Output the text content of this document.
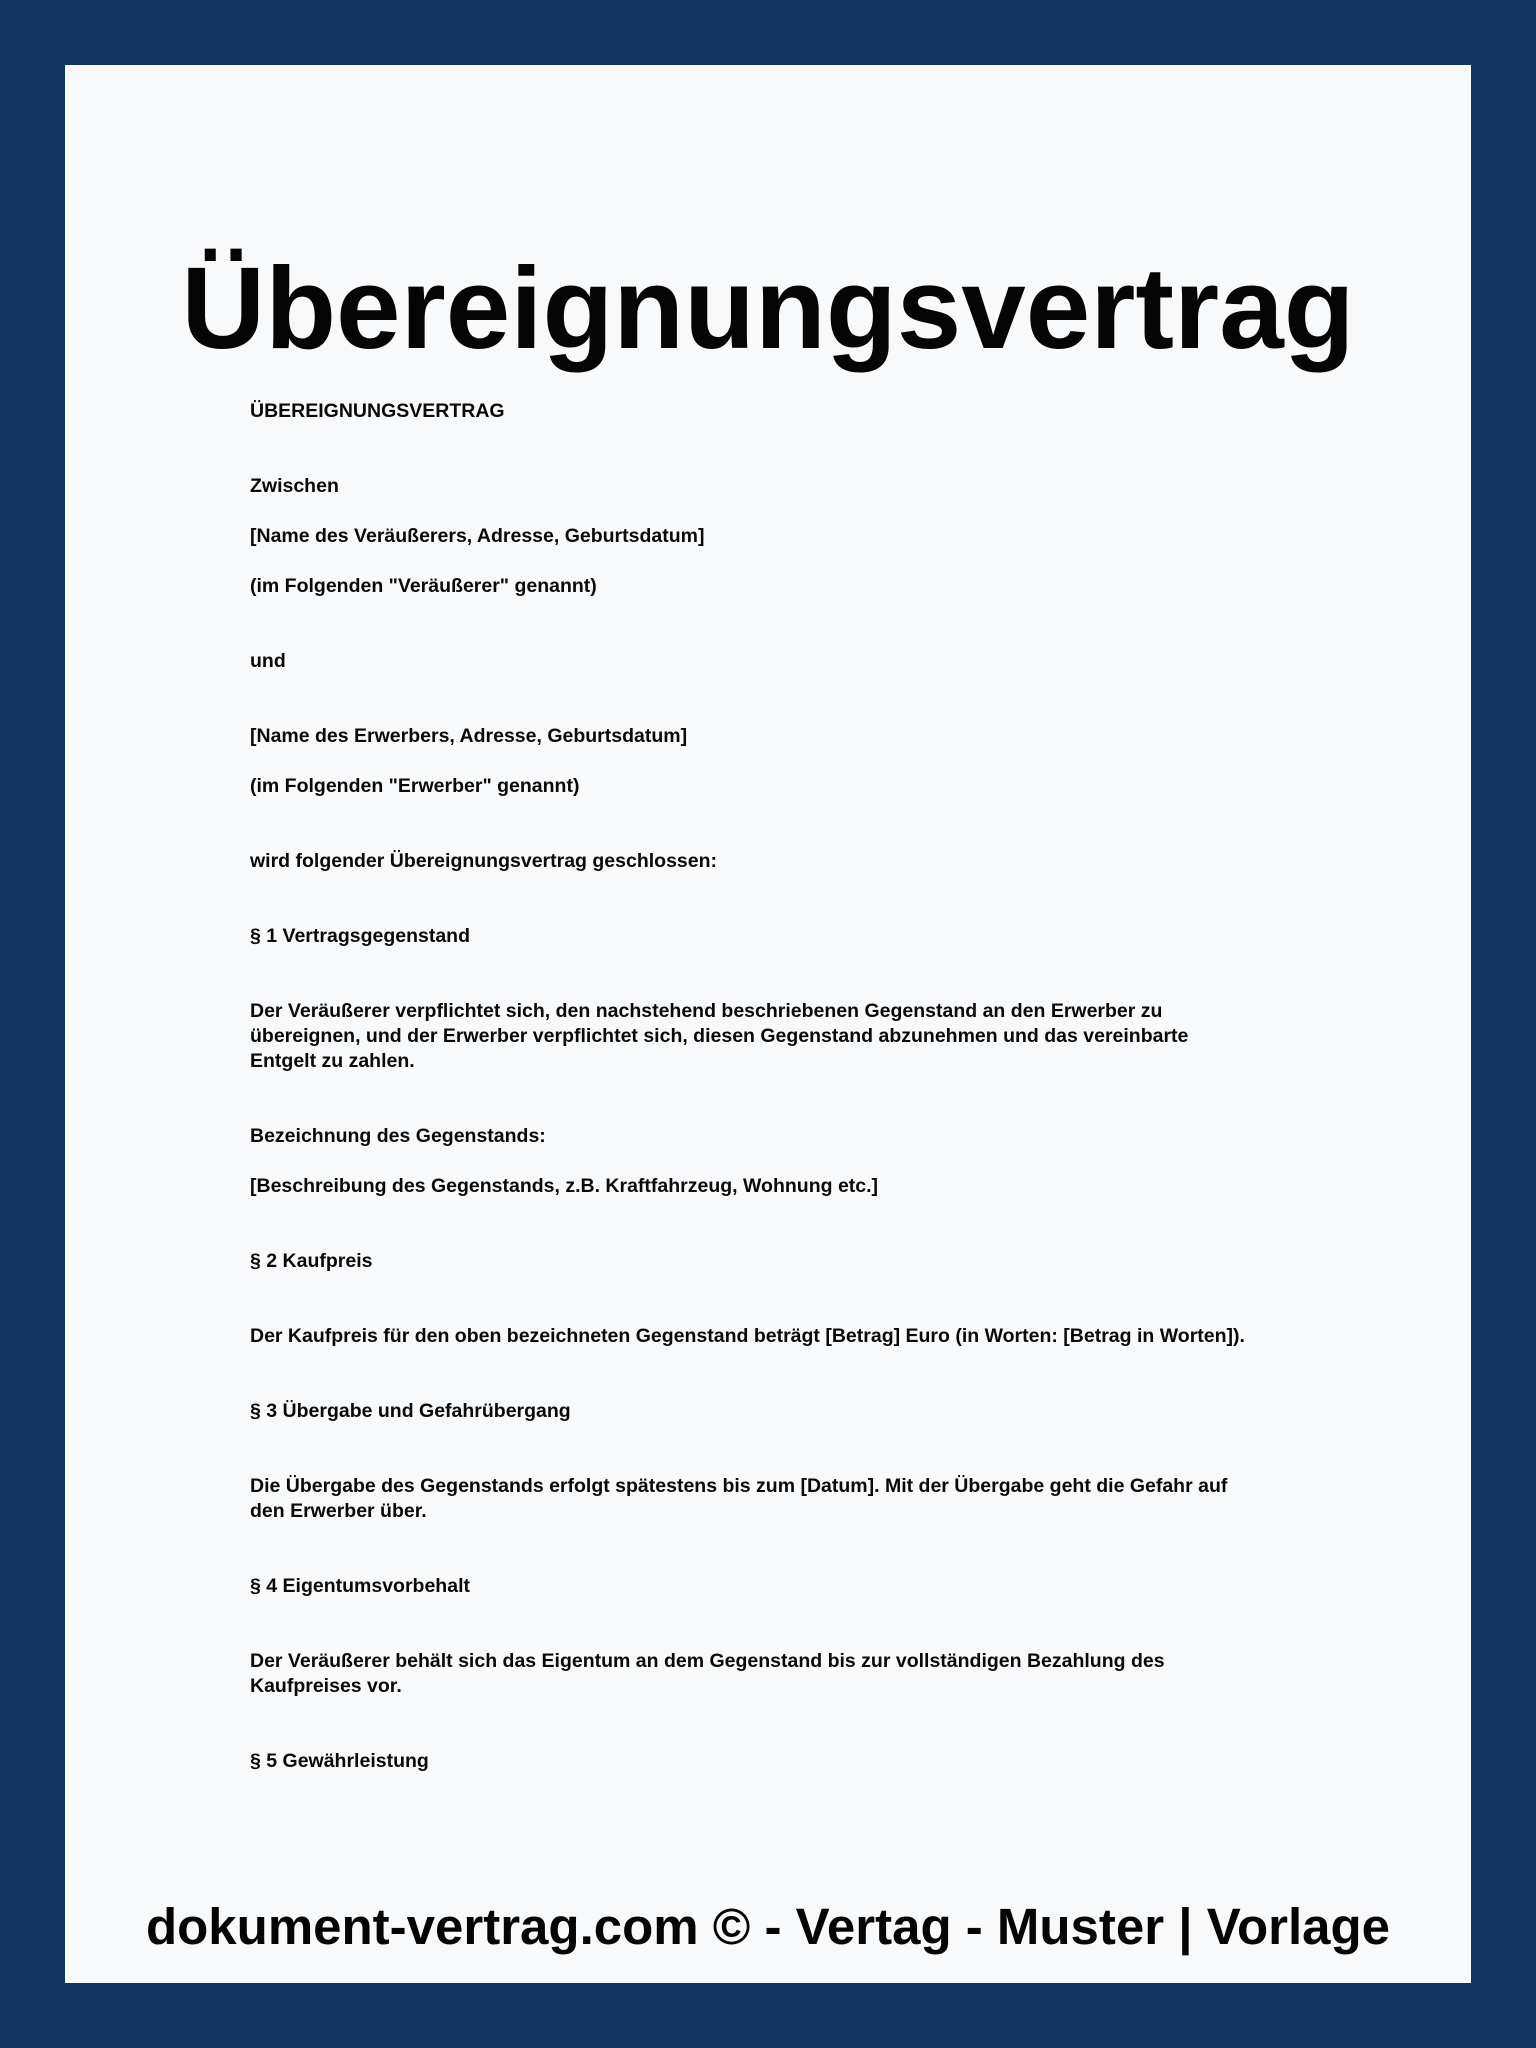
Übereignungsvertrag

ÜBEREIGNUNGSVERTRAG

Zwischen

[Name des Veräußerers, Adresse, Geburtsdatum]

(im Folgenden "Veräußerer" genannt)

und

[Name des Erwerbers, Adresse, Geburtsdatum]

(im Folgenden "Erwerber" genannt)

wird folgender Übereignungsvertrag geschlossen:

§ 1 Vertragsgegenstand

Der Veräußerer verpflichtet sich, den nachstehend beschriebenen Gegenstand an den Erwerber zu

übereignen, und der Erwerber verpflichtet sich, diesen Gegenstand abzunehmen und das vereinbarte

Entgelt zu zahlen.

Bezeichnung des Gegenstands:

[Beschreibung des Gegenstands, z.B. Kraftfahrzeug, Wohnung etc.]

§ 2 Kaufpreis

Der Kaufpreis für den oben bezeichneten Gegenstand beträgt [Betrag] Euro (in Worten: [Betrag in Worten]).

§ 3 Übergabe und Gefahrübergang

Die Übergabe des Gegenstands erfolgt spätestens bis zum [Datum]. Mit der Übergabe geht die Gefahr auf

den Erwerber über.

§ 4 Eigentumsvorbehalt

Der Veräußerer behält sich das Eigentum an dem Gegenstand bis zur vollständigen Bezahlung des

Kaufpreises vor.

§ 5 Gewährleistung

dokument-vertrag.com © - Vertag - Muster | Vorlage
